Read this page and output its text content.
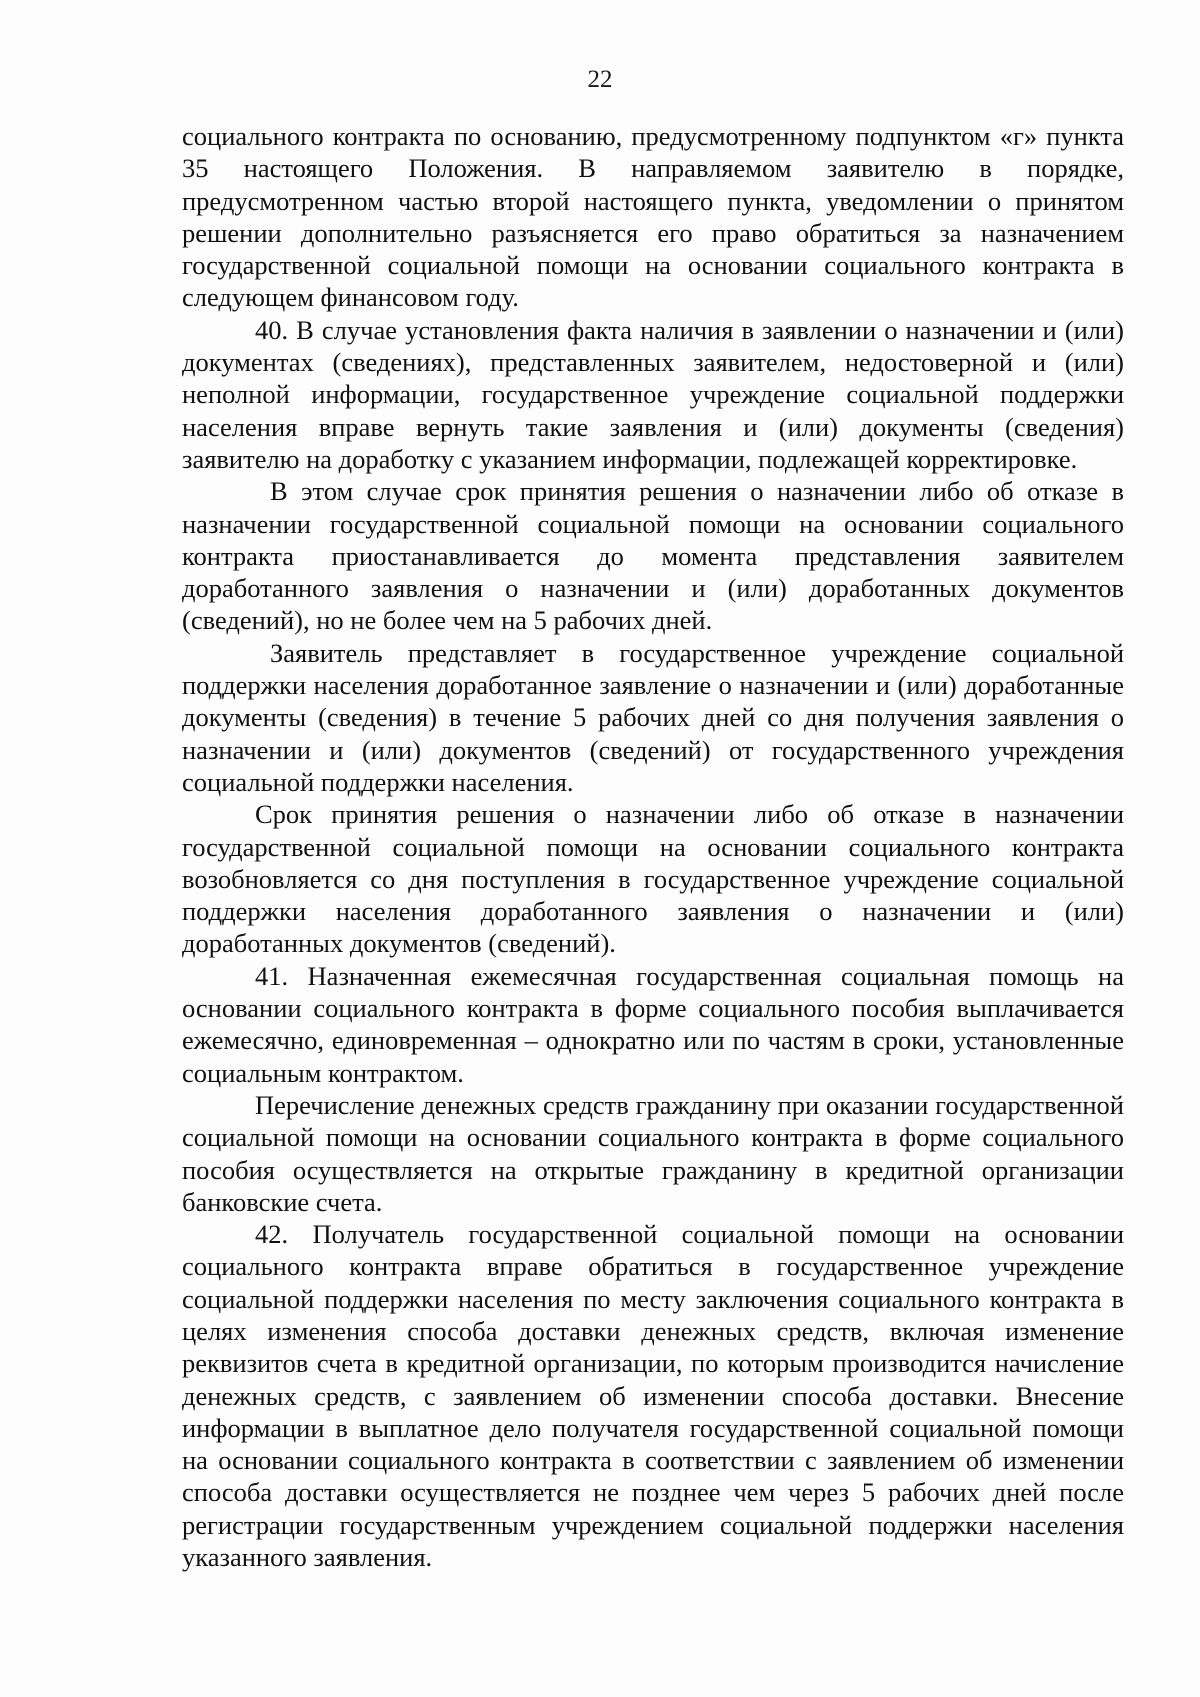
22

социального контракта по основанию, предусмотренному подпунктом «г» пункта 35 настоящего Положения. В направляемом заявителю в порядке, предусмотренном частью второй настоящего пункта, уведомлении о принятом решении дополнительно разъясняется его право обратиться за назначением государственной социальной помощи на основании социального контракта в следующем финансовом году.

40. В случае установления факта наличия в заявлении о назначении и (или) документах (сведениях), представленных заявителем, недостоверной и (или) неполной информации, государственное учреждение социальной поддержки населения вправе вернуть такие заявления и (или) документы (сведения) заявителю на доработку с указанием информации, подлежащей корректировке.

В этом случае срок принятия решения о назначении либо об отказе в назначении государственной социальной помощи на основании социального контракта приостанавливается до момента представления заявителем доработанного заявления о назначении и (или) доработанных документов (сведений), но не более чем на 5 рабочих дней.

Заявитель представляет в государственное учреждение социальной поддержки населения доработанное заявление о назначении и (или) доработанные документы (сведения) в течение 5 рабочих дней со дня получения заявления о назначении и (или) документов (сведений) от государственного учреждения социальной поддержки населения.

Срок принятия решения о назначении либо об отказе в назначении государственной социальной помощи на основании социального контракта возобновляется со дня поступления в государственное учреждение социальной поддержки населения доработанного заявления о назначении и (или) доработанных документов (сведений).

41. Назначенная ежемесячная государственная социальная помощь на основании социального контракта в форме социального пособия выплачивается ежемесячно, единовременная – однократно или по частям в сроки, установленные социальным контрактом.

Перечисление денежных средств гражданину при оказании государственной социальной помощи на основании социального контракта в форме социального пособия осуществляется на открытые гражданину в кредитной организации банковские счета.

42. Получатель государственной социальной помощи на основании социального контракта вправе обратиться в государственное учреждение социальной поддержки населения по месту заключения социального контракта в целях изменения способа доставки денежных средств, включая изменение реквизитов счета в кредитной организации, по которым производится начисление денежных средств, с заявлением об изменении способа доставки. Внесение информации в выплатное дело получателя государственной социальной помощи на основании социального контракта в соответствии с заявлением об изменении способа доставки осуществляется не позднее чем через 5 рабочих дней после регистрации государственным учреждением социальной поддержки населения указанного заявления.
